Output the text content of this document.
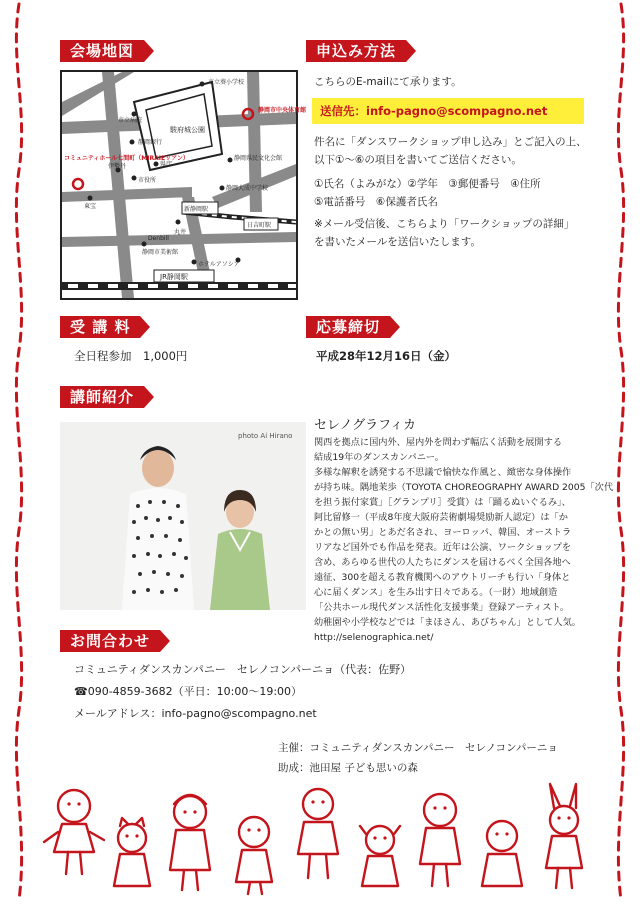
会場地図
市立葵小学校
静岡市中央体育館
市立病院
駿府城公園
静岡銀行
静岡県民文化会館
県庁
コミュニティホール七間町（MIRAIEリアン）
伊勢丹
市役所
静岡大成中学校
東宝	新静岡駅
日吉町駅
Denbill
丸井
静岡市美術館
ホテルアソシア
JR静岡駅
申込み方法
こちらのE-mailにて承ります。
送信先：info-pagno@scompagno.net
件名に「ダンスワークショップ申し込み」とご記入の上、
以下①～⑥の項目を書いてご送信ください。
①氏名（よみがな）②学年　③郵便番号　④住所
⑤電話番号　⑥保護者氏名
※メール受信後、こちらより「ワークショップの詳細」
を書いたメールを送信いたします。
受 講 料
全日程参加　1,000円
応募締切
平成28年12月16日（金）
講師紹介
photo Ai Hirano
セレノグラフィカ
関西を拠点に国内外、屋内外を問わず幅広く活動を展開する
結成19年のダンスカンパニー。
多様な解釈を誘発する不思議で愉快な作風と、緻密な身体操作
が持ち味。隅地茉歩（TOYOTA CHOREOGRAPHY AWARD 2005「次代
を担う振付家賞」［グランプリ］受賞）は「踊るぬいぐるみ」、
阿比留修一（平成8年度大阪府芸術劇場奨励新人認定）は「か
かとの無い男」とあだ名され、ヨーロッパ、韓国、オーストラ
リアなど国外でも作品を発表。近年は公演、ワークショップを
含め、あらゆる世代の人たちにダンスを届けるべく全国各地へ
遠征、300を超える教育機関へのアウトリーチも行い「身体と
心に届くダンス」を生み出す日々である。（一財）地域創造
「公共ホール現代ダンス活性化支援事業」登録アーティスト。
幼稚園や小学校などでは「まほさん、あびちゃん」として人気。
http://selenographica.net/
お問合わせ
コミュニティダンスカンパニー　セレノコンパーニョ（代表：佐野）
☎090-4859-3682（平日：10:00～19:00）
メールアドレス：info-pagno@scompagno.net
主催：コミュニティダンスカンパニー　セレノコンパーニョ
助成：池田屋 子ども思いの森
